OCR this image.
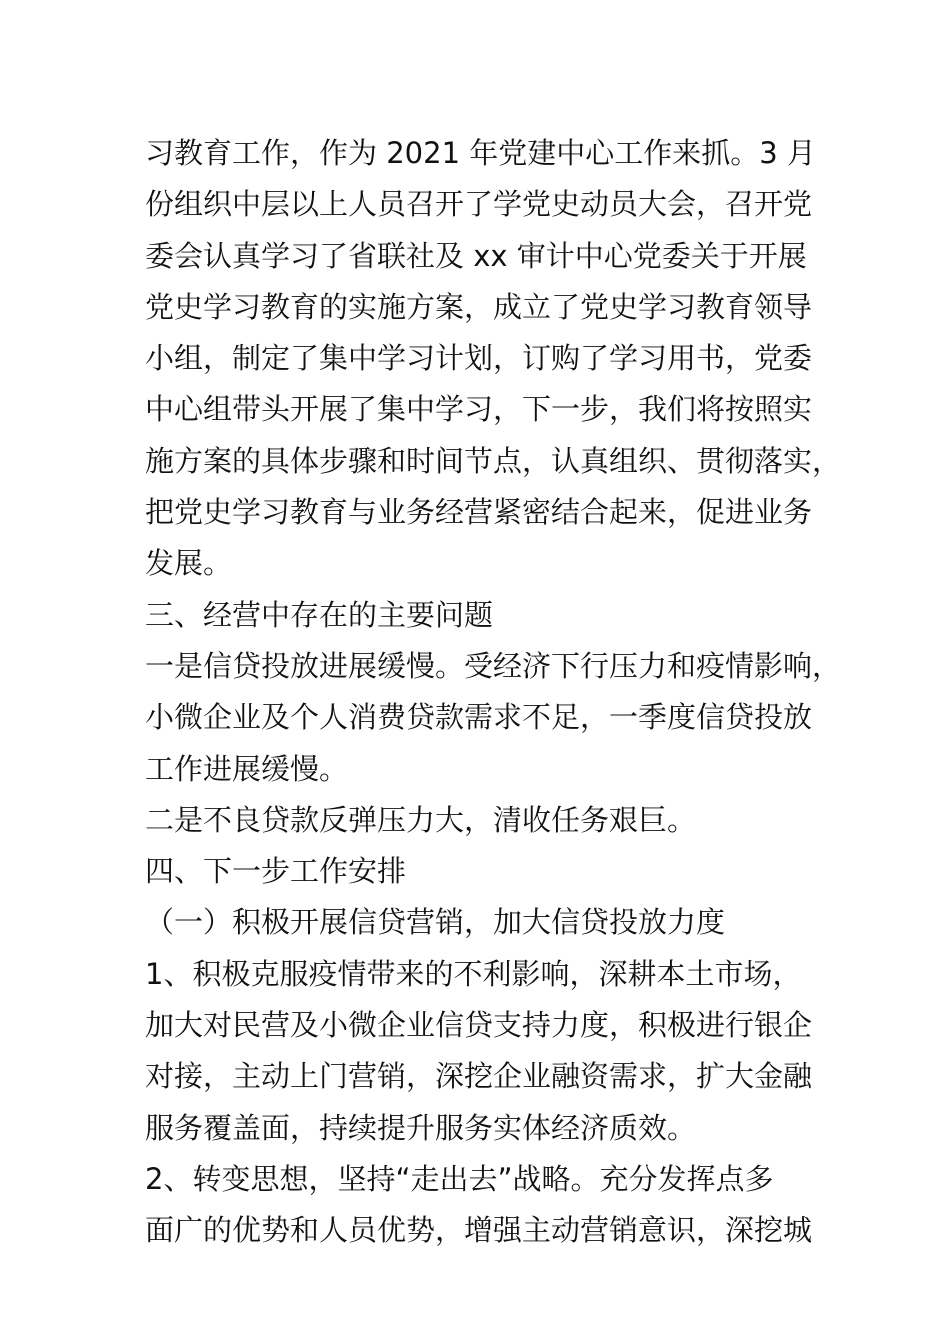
习教育工作，作为 2021 年党建中心工作来抓。3 月
份组织中层以上人员召开了学党史动员大会，召开党
委会认真学习了省联社及 xx 审计中心党委关于开展
党史学习教育的实施方案，成立了党史学习教育领导
小组，制定了集中学习计划，订购了学习用书，党委
中心组带头开展了集中学习，下一步，我们将按照实
施方案的具体步骤和时间节点，认真组织、贯彻落实，
把党史学习教育与业务经营紧密结合起来，促进业务
发展。
三、经营中存在的主要问题
一是信贷投放进展缓慢。受经济下行压力和疫情影响，
小微企业及个人消费贷款需求不足，一季度信贷投放
工作进展缓慢。
二是不良贷款反弹压力大，清收任务艰巨。
四、下一步工作安排
（一）积极开展信贷营销，加大信贷投放力度
1、积极克服疫情带来的不利影响，深耕本土市场，
加大对民营及小微企业信贷支持力度，积极进行银企
对接，主动上门营销，深挖企业融资需求，扩大金融
服务覆盖面，持续提升服务实体经济质效。
2、转变思想，坚持“走出去”战略。充分发挥点多
面广的优势和人员优势，增强主动营销意识，深挖城
